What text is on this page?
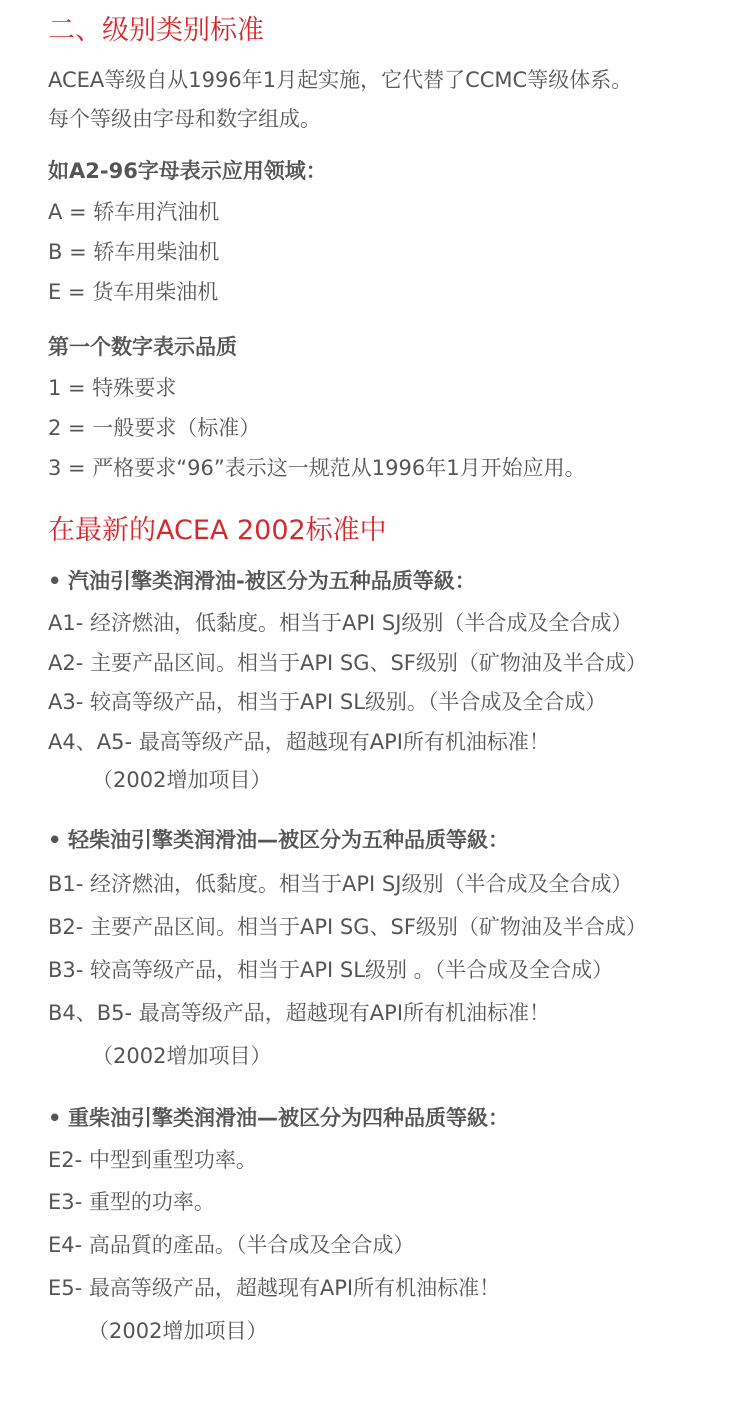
二、级别类别标准
ACEA等级自从1996年1月起实施，它代替了CCMC等级体系。
每个等级由字母和数字组成。
如A2-96字母表示应用领域：
A = 轿车用汽油机
B = 轿车用柴油机
E = 货车用柴油机
第一个数字表示品质
1 = 特殊要求
2 = 一般要求（标准）
3 = 严格要求“96”表示这一规范从1996年1月开始应用。
在最新的ACEA 2002标准中
• 汽油引擎类润滑油-被区分为五种品质等級：
A1- 经济燃油，低黏度。相当于API SJ级别（半合成及全合成）
A2- 主要产品区间。相当于API SG、SF级别（矿物油及半合成）
A3- 较高等级产品，相当于API SL级别。（半合成及全合成）
A4、A5- 最高等级产品，超越现有API所有机油标准！
（2002增加项目）
• 轻柴油引擎类润滑油—被区分为五种品质等級：
B1- 经济燃油，低黏度。相当于API SJ级别（半合成及全合成）
B2- 主要产品区间。相当于API SG、SF级别（矿物油及半合成）
B3- 较高等级产品，相当于API SL级别 。（半合成及全合成）
B4、B5- 最高等级产品，超越现有API所有机油标准！
（2002增加项目）
• 重柴油引擎类润滑油—被区分为四种品质等級：
E2- 中型到重型功率。
E3- 重型的功率。
E4- 高品質的產品。（半合成及全合成）
E5- 最高等级产品，超越现有API所有机油标准！
（2002增加项目）
